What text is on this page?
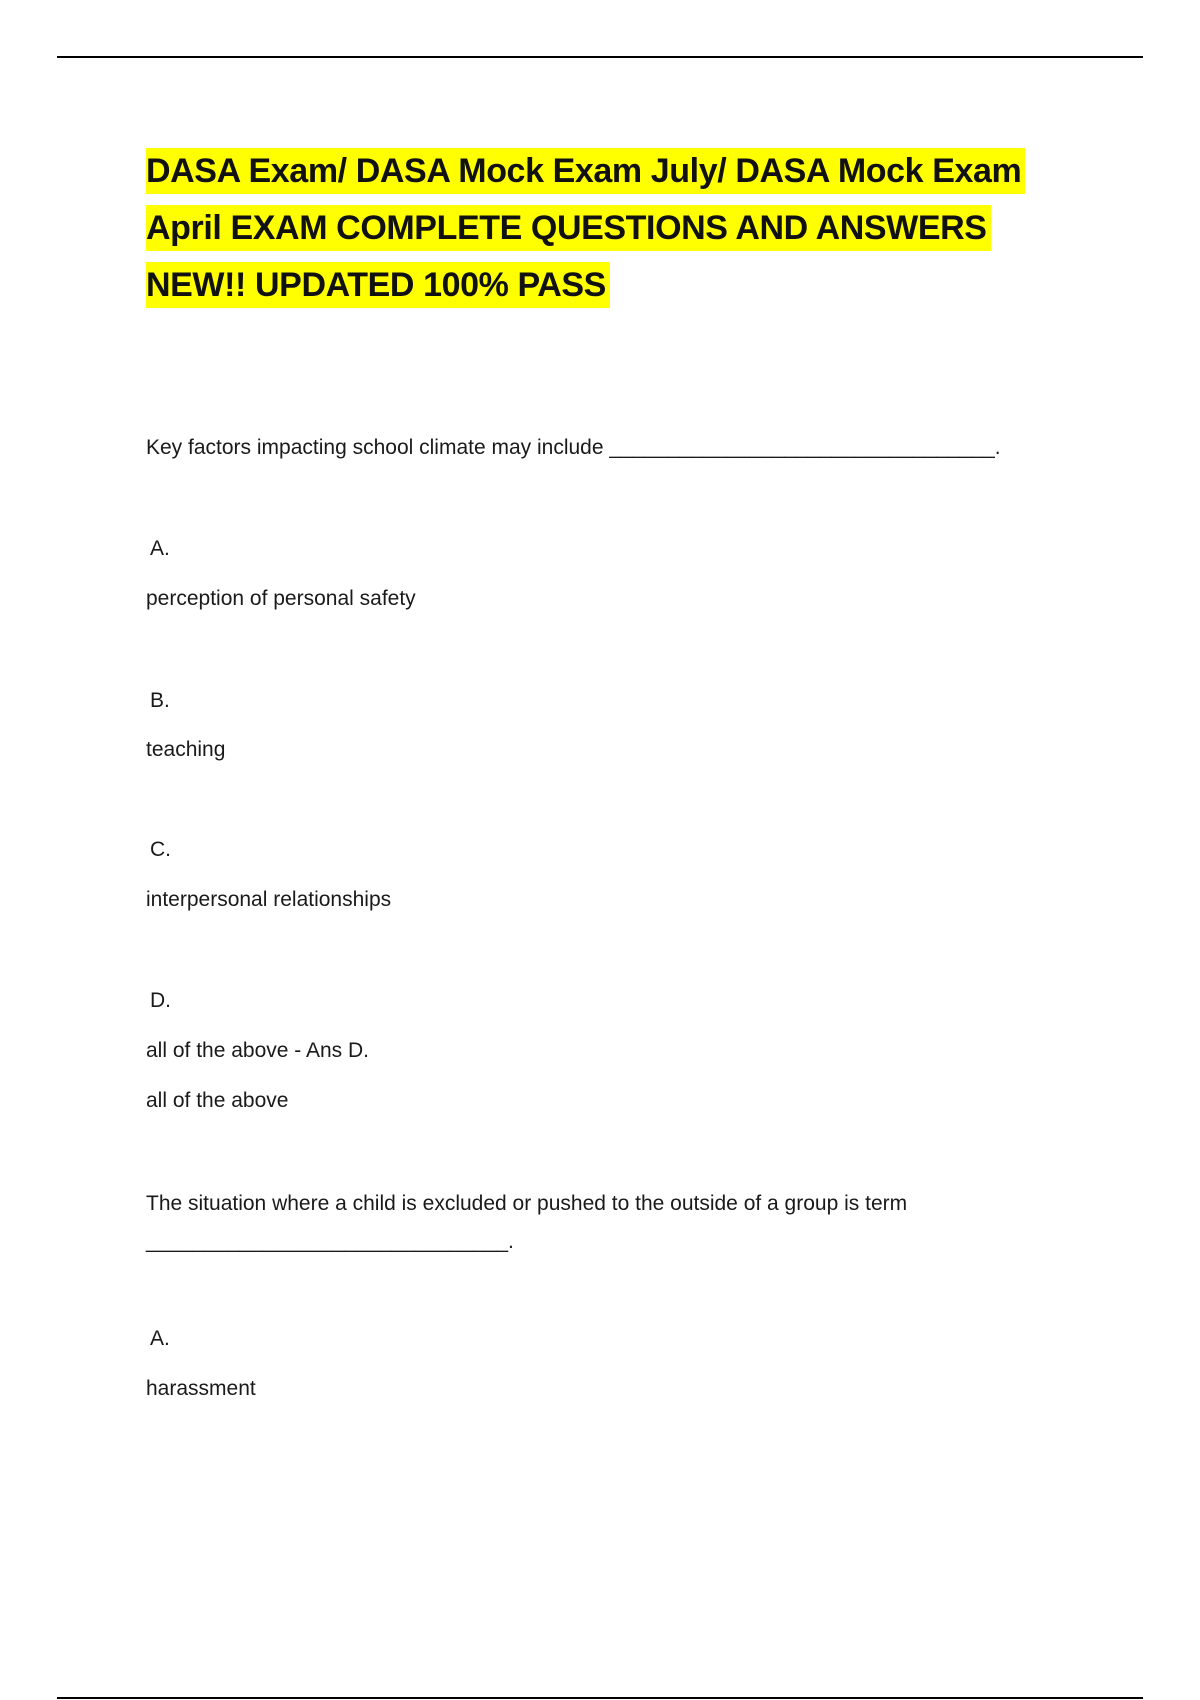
DASA Exam/ DASA Mock Exam July/ DASA Mock Exam
April EXAM COMPLETE QUESTIONS AND ANSWERS
NEW!! UPDATED 100% PASS
Key factors impacting school climate may include _________________________________.
A.
perception of personal safety
B.
teaching
C.
interpersonal relationships
D.
all of the above - Ans D.
all of the above
The situation where a child is excluded or pushed to the outside of a group is term
_______________________________.
A.
harassment
